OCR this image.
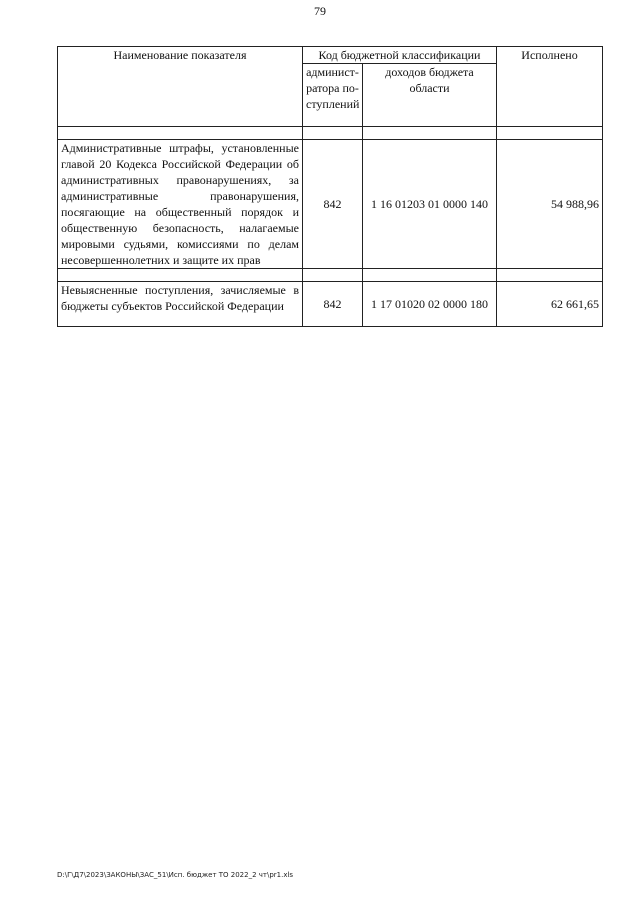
79
Наименование показателя	Код бюджетной классификации		Исполнено
	админист-ратора по-ступлений	доходов бюджета области	

Административные штрафы, установленные главой 20 Кодекса Российской Федерации об административных правонарушениях, за административные правонарушения, посягающие на общественный порядок и общественную безопасность, налагаемые мировыми судьями, комиссиями по делам несовершеннолетних и защите их прав	842	1 16 01203 01 0000 140	54 988,96

Невыясненные поступления, зачисляемые в бюджеты субъектов Российской Федерации	842	1 17 01020 02 0000 180	62 661,65
D:\Г\Д7\2023\ЗАКОНЫ\ЗАС_51\Исп. бюджет ТО 2022_2 чт\pr1.xls
